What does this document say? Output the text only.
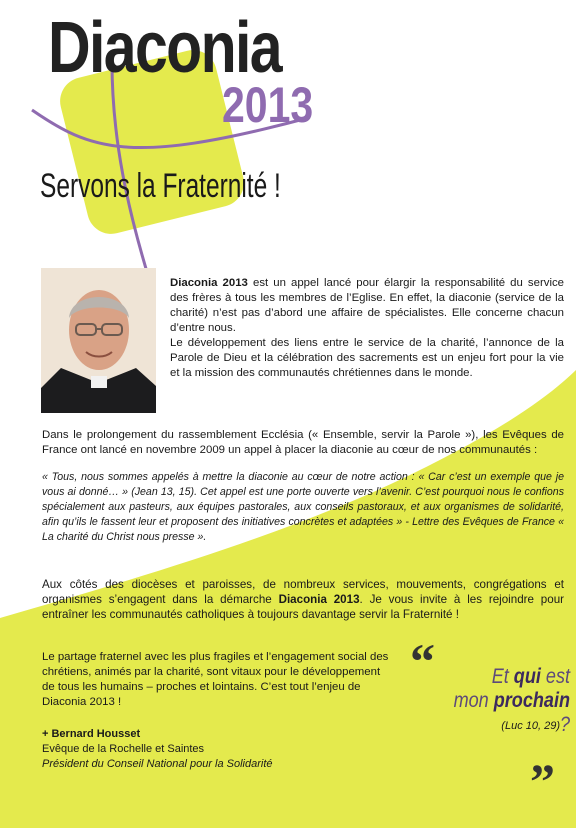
Diaconia
2013
Servons la Fraternité !

Diaconia 2013 est un appel lancé pour élargir la responsabilité du service des frères à tous les membres de l’Eglise. En effet, la diaconie (service de la charité) n’est pas d’abord une affaire de spécialistes. Elle concerne chacun d’entre nous.

Le développement des liens entre le service de la charité, l’annonce de la Parole de Dieu et la célébration des sacrements est un enjeu fort pour la vie et la mission des communautés chrétiennes dans le monde.

Dans le prolongement du rassemblement Ecclésia (« Ensemble, servir la Parole »), les Evêques de France ont lancé en novembre 2009 un appel à placer la diaconie au cœur de nos communautés :
« Tous, nous sommes appelés à mettre la diaconie au cœur de notre action : « Car c’est un exemple que je vous ai donné… » (Jean 13, 15). Cet appel est une porte ouverte vers l’avenir. C’est pourquoi nous le confions spécialement aux pasteurs, aux équipes pastorales, aux conseils pastoraux, et aux organismes de solidarité, afin qu’ils le fassent leur et proposent des initiatives concrètes et adaptées » - Lettre des Evêques de France « La charité du Christ nous presse ».
Aux côtés des diocèses et paroisses, de nombreux services, mouvements, congrégations et organismes s’engagent dans la démarche Diaconia 2013. Je vous invite à les rejoindre pour entraîner les communautés catholiques à toujours davantage servir la Fraternité !
Le partage fraternel avec les plus fragiles et l’engagement social des chrétiens, animés par la charité, sont vitaux pour le développement de tous les humains – proches et lointains. C’est tout l’enjeu de Diaconia 2013 !
+ Bernard Housset
Evêque de la Rochelle et Saintes
Président du Conseil National pour la Solidarité
“	Et qui est
mon prochain ?
(Luc 10, 29)
”
